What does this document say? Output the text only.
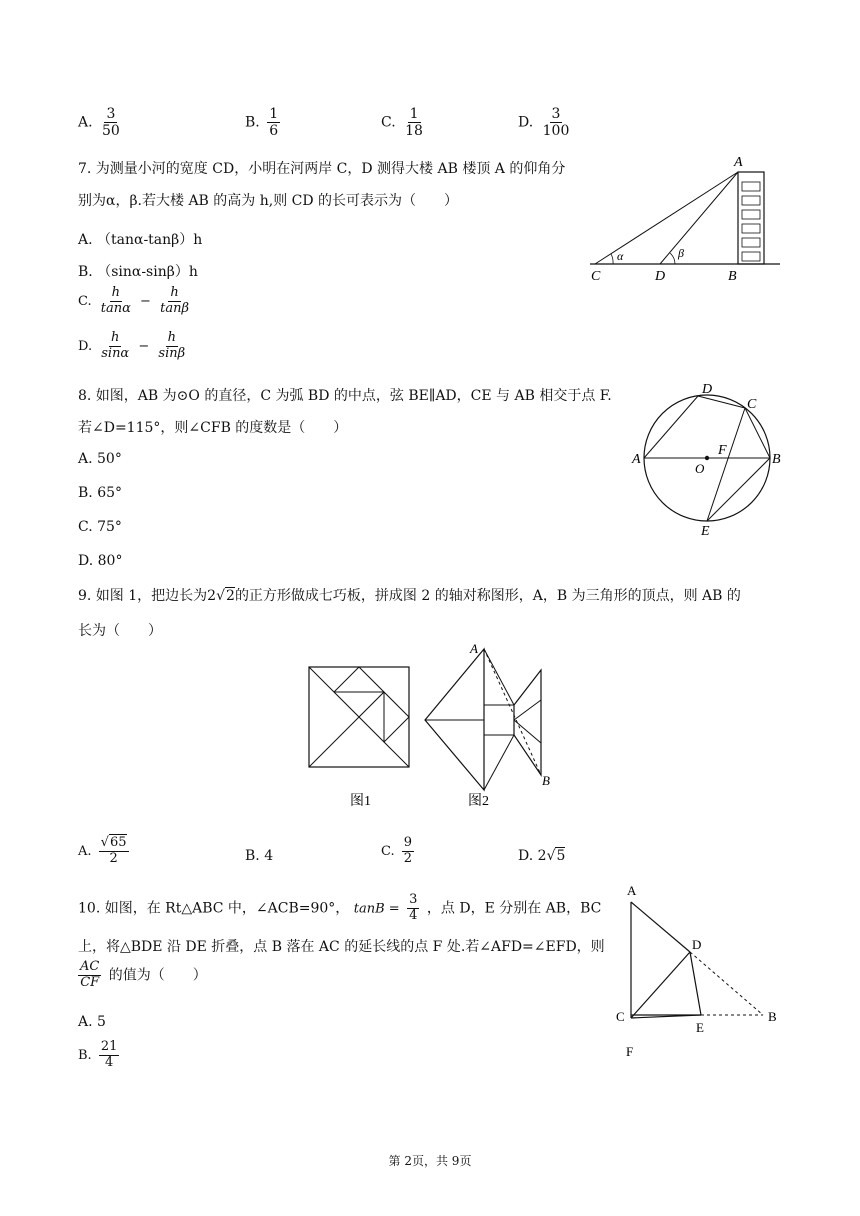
A. $\frac{3}{50}$	B. $\frac{1}{6}$	C. $\frac{1}{18}$	D. $\frac{3}{100}$
7. 为测量小河的宽度 CD，小明在河两岸 C，D 测得大楼 AB 楼顶 A 的仰角分
别为α，β.若大楼 AB 的高为 h,则 CD 的长可表示为（　　）
A. （tanα-tanβ）h
B. （sinα-sinβ）h
C. $\frac{h}{\tan\alpha} - \frac{h}{\tan\beta}$
D. $\frac{h}{\sin\alpha} - \frac{h}{\sin\beta}$
A
C	D	B
α	β
8. 如图，AB 为⊙O 的直径，C 为弧 BD 的中点，弦 BE∥AD，CE 与 AB 相交于点 F.
若∠D=115°，则∠CFB 的度数是（　　）
A. 50°
B. 65°
C. 75°
D. 80°
A	B
C
D
E
F
O
9. 如图 1，把边长为2√2的正方形做成七巧板，拼成图 2 的轴对称图形，A，B 为三角形的顶点，则 AB 的
长为（　　）
A
B
图1	图2
A. $\frac{√65}{2}$	B. 4	C. $\frac{9}{2}$	D. 2√5
10. 如图，在 Rt△ABC 中，∠ACB=90°， $\tan B = \frac{3}{4}$ ，点 D，E 分别在 AB，BC
上，将△BDE 沿 DE 折叠，点 B 落在 AC 的延长线的点 F 处.若∠AFD=∠EFD，则
$\frac{AC}{CF}$ 的值为（　　）
A. 5
B. $\frac{21}{4}$
A
D
C
E
B
F
第 2页，共 9页
